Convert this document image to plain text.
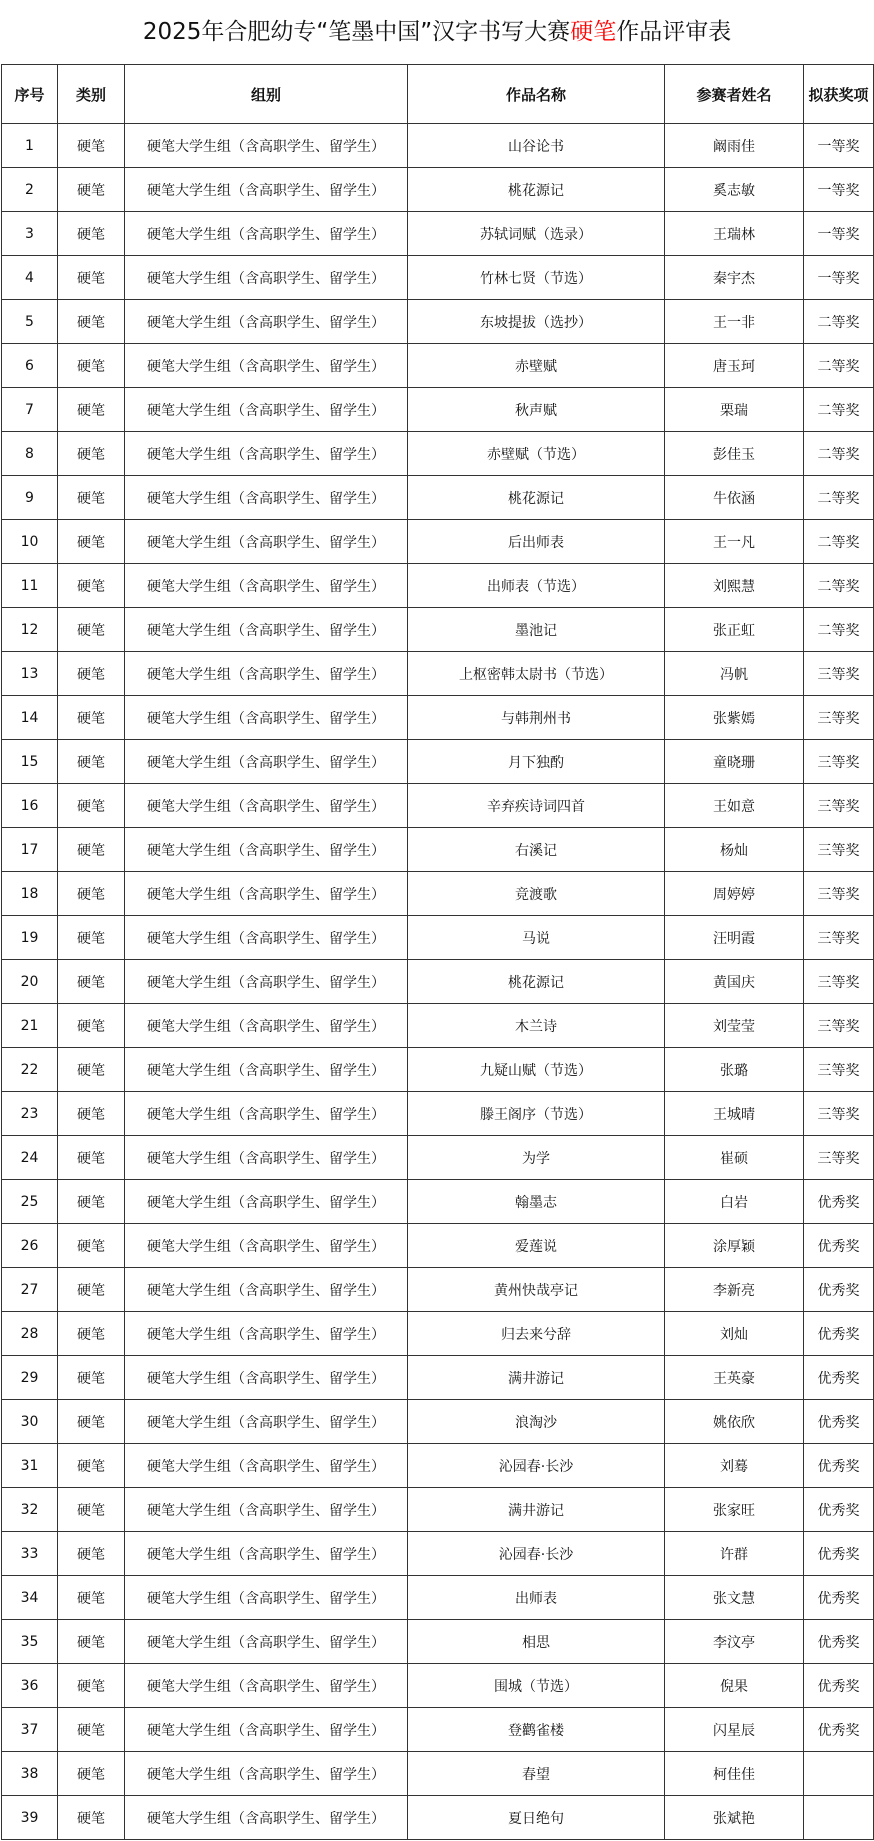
2025年合肥幼专“笔墨中国”汉字书写大赛硬笔作品评审表
序号	类别	组别	作品名称	参赛者姓名	拟获奖项
1	硬笔	硬笔大学生组（含高职学生、留学生）	山谷论书	阚雨佳	一等奖
2	硬笔	硬笔大学生组（含高职学生、留学生）	桃花源记	奚志敏	一等奖
3	硬笔	硬笔大学生组（含高职学生、留学生）	苏轼词赋（选录）	王瑞林	一等奖
4	硬笔	硬笔大学生组（含高职学生、留学生）	竹林七贤（节选）	秦宇杰	一等奖
5	硬笔	硬笔大学生组（含高职学生、留学生）	东坡提拔（选抄）	王一非	二等奖
6	硬笔	硬笔大学生组（含高职学生、留学生）	赤壁赋	唐玉珂	二等奖
7	硬笔	硬笔大学生组（含高职学生、留学生）	秋声赋	栗瑞	二等奖
8	硬笔	硬笔大学生组（含高职学生、留学生）	赤壁赋（节选）	彭佳玉	二等奖
9	硬笔	硬笔大学生组（含高职学生、留学生）	桃花源记	牛依涵	二等奖
10	硬笔	硬笔大学生组（含高职学生、留学生）	后出师表	王一凡	二等奖
11	硬笔	硬笔大学生组（含高职学生、留学生）	出师表（节选）	刘熙慧	二等奖
12	硬笔	硬笔大学生组（含高职学生、留学生）	墨池记	张正虹	二等奖
13	硬笔	硬笔大学生组（含高职学生、留学生）	上枢密韩太尉书（节选）	冯帆	三等奖
14	硬笔	硬笔大学生组（含高职学生、留学生）	与韩荆州书	张紫嫣	三等奖
15	硬笔	硬笔大学生组（含高职学生、留学生）	月下独酌	童晓珊	三等奖
16	硬笔	硬笔大学生组（含高职学生、留学生）	辛弃疾诗词四首	王如意	三等奖
17	硬笔	硬笔大学生组（含高职学生、留学生）	右溪记	杨灿	三等奖
18	硬笔	硬笔大学生组（含高职学生、留学生）	竞渡歌	周婷婷	三等奖
19	硬笔	硬笔大学生组（含高职学生、留学生）	马说	汪明霞	三等奖
20	硬笔	硬笔大学生组（含高职学生、留学生）	桃花源记	黄国庆	三等奖
21	硬笔	硬笔大学生组（含高职学生、留学生）	木兰诗	刘莹莹	三等奖
22	硬笔	硬笔大学生组（含高职学生、留学生）	九疑山赋（节选）	张璐	三等奖
23	硬笔	硬笔大学生组（含高职学生、留学生）	滕王阁序（节选）	王城晴	三等奖
24	硬笔	硬笔大学生组（含高职学生、留学生）	为学	崔硕	三等奖
25	硬笔	硬笔大学生组（含高职学生、留学生）	翰墨志	白岩	优秀奖
26	硬笔	硬笔大学生组（含高职学生、留学生）	爱莲说	涂厚颖	优秀奖
27	硬笔	硬笔大学生组（含高职学生、留学生）	黄州快哉亭记	李新亮	优秀奖
28	硬笔	硬笔大学生组（含高职学生、留学生）	归去来兮辞	刘灿	优秀奖
29	硬笔	硬笔大学生组（含高职学生、留学生）	满井游记	王英豪	优秀奖
30	硬笔	硬笔大学生组（含高职学生、留学生）	浪淘沙	姚依欣	优秀奖
31	硬笔	硬笔大学生组（含高职学生、留学生）	沁园春·长沙	刘蓦	优秀奖
32	硬笔	硬笔大学生组（含高职学生、留学生）	满井游记	张家旺	优秀奖
33	硬笔	硬笔大学生组（含高职学生、留学生）	沁园春·长沙	许群	优秀奖
34	硬笔	硬笔大学生组（含高职学生、留学生）	出师表	张文慧	优秀奖
35	硬笔	硬笔大学生组（含高职学生、留学生）	相思	李汶亭	优秀奖
36	硬笔	硬笔大学生组（含高职学生、留学生）	围城（节选）	倪果	优秀奖
37	硬笔	硬笔大学生组（含高职学生、留学生）	登鹳雀楼	闪星辰	优秀奖
38	硬笔	硬笔大学生组（含高职学生、留学生）	春望	柯佳佳	
39	硬笔	硬笔大学生组（含高职学生、留学生）	夏日绝句	张斌艳	
